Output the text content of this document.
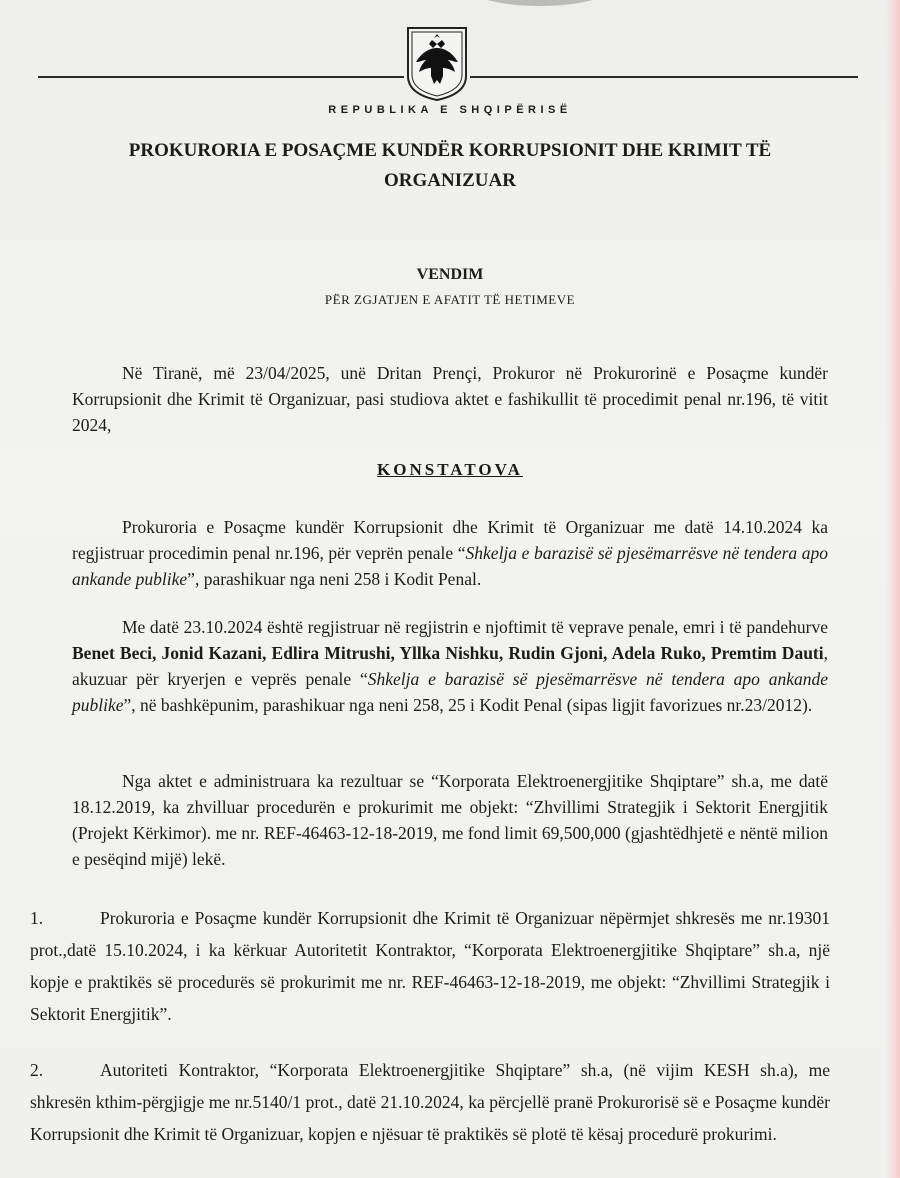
REPUBLIKA E SHQIPËRISË
PROKURORIA E POSAÇME KUNDËR KORRUPSIONIT DHE KRIMIT TË ORGANIZUAR
VENDIM
PËR ZGJATJEN E AFATIT TË HETIMEVE

Në Tiranë, më 23/04/2025, unë Dritan Prençi, Prokuror në Prokurorinë e Posaçme kundër Korrupsionit dhe Krimit të Organizuar, pasi studiova aktet e fashikullit të procedimit penal nr.196, të vitit 2024,

KONSTATOVA

Prokuroria e Posaçme kundër Korrupsionit dhe Krimit të Organizuar me datë 14.10.2024 ka regjistruar procedimin penal nr.196, për veprën penale “Shkelja e barazisë së pjesëmarrësve në tendera apo ankande publike”, parashikuar nga neni 258 i Kodit Penal.

Me datë 23.10.2024 është regjistruar në regjistrin e njoftimit të veprave penale, emri i të pandehurve Benet Beci, Jonid Kazani, Edlira Mitrushi, Yllka Nishku, Rudin Gjoni, Adela Ruko, Premtim Dauti, akuzuar për kryerjen e veprës penale “Shkelja e barazisë së pjesëmarrësve në tendera apo ankande publike”, në bashkëpunim, parashikuar nga neni 258, 25 i Kodit Penal (sipas ligjit favorizues nr.23/2012).

Nga aktet e administruara ka rezultuar se “Korporata Elektroenergjitike Shqiptare” sh.a, me datë 18.12.2019, ka zhvilluar procedurën e prokurimit me objekt: “Zhvillimi Strategjik i Sektorit Energjitik (Projekt Kërkimor). me nr. REF-46463-12-18-2019, me fond limit 69,500,000 (gjashtëdhjetë e nëntë milion e pesëqind mijë) lekë.

1.	Prokuroria e Posaçme kundër Korrupsionit dhe Krimit të Organizuar nëpërmjet shkresës me nr.19301 prot.,datë 15.10.2024, i ka kërkuar Autoritetit Kontraktor, “Korporata Elektroenergjitike Shqiptare” sh.a, një kopje e praktikës së procedurës së prokurimit me nr. REF-46463-12-18-2019, me objekt: “Zhvillimi Strategjik i Sektorit Energjitik”.

2.	Autoriteti Kontraktor, “Korporata Elektroenergjitike Shqiptare” sh.a, (në vijim KESH sh.a), me shkresën kthim-përgjigje me nr.5140/1 prot., datë 21.10.2024, ka përcjellë pranë Prokurorisë së e Posaçme kundër Korrupsionit dhe Krimit të Organizuar, kopjen e njësuar të praktikës së plotë të kësaj procedurë prokurimi.
